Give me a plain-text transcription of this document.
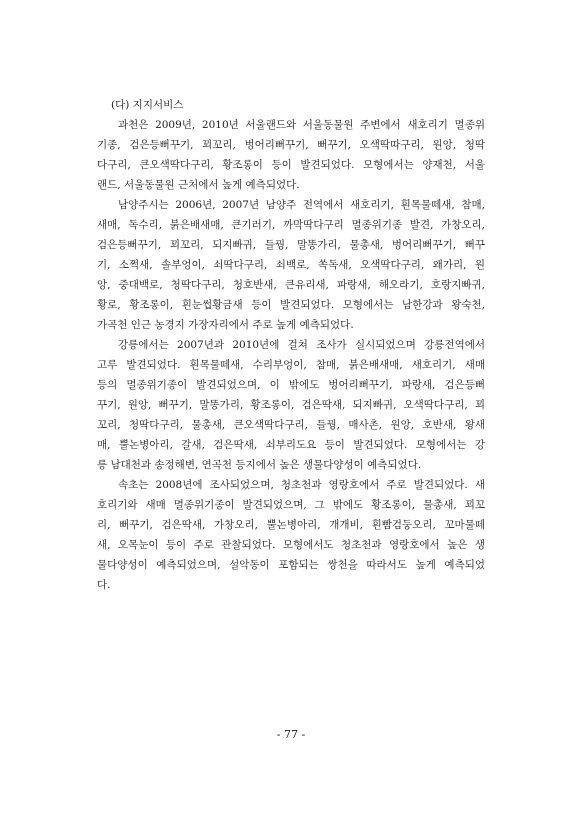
(다) 지지서비스
과천은 2009년, 2010년 서울랜드와 서울동물원 주변에서 새호리기 멸종위
기종, 검은등뻐꾸기, 꾀꼬리, 벙어리뻐꾸기, 뻐꾸기, 오색딱따구리, 원앙, 청딱
다구리, 큰오색딱다구리, 황조롱이 등이 발견되었다. 모형에서는 양재천, 서울
랜드, 서울동물원 근처에서 높게 예측되었다.
남양주시는 2006년, 2007년 남양주 전역에서 새호리기, 흰목물떼새, 참매,
새매, 독수리, 붉은배새매, 큰기러기, 까막딱다구리 멸종위기종 발견, 가창오리,
검은등뻐꾸기, 꾀꼬리, 되지빠귀, 들꿩, 말똥가리, 물총새, 벙어리뻐꾸기, 뻐꾸
기, 소쩍새, 솔부엉이, 쇠딱다구리, 쇠백로, 쏙독새, 오색딱다구리, 왜가리, 원
앙, 중대백로, 청딱다구리, 청호반새, 큰유리새, 파랑새, 해오라기, 호랑지빠귀,
황로, 황조롱이, 흰눈썹황금새 등이 발견되었다. 모형에서는 남한강과 왕숙천,
가곡천 인근 농경지 가장자리에서 주로 높게 예측되었다.
강릉에서는 2007년과 2010년에 걸쳐 조사가 실시되었으며 강릉전역에서
고루 발견되었다. 흰목물떼새, 수리부엉이, 참매, 붉은배새매, 새호리기, 새매
등의 멸종위기종이 발견되었으며, 이 밖에도 벙어리뻐꾸기, 파랑새, 검은등뻐
꾸기, 원앙, 뻐꾸기, 말똥가리, 황조롱이, 검은딱새, 되지빠귀, 오색딱다구리, 꾀
꼬리, 청딱다구리, 물총새, 큰오색딱다구리, 들꿩, 매사촌, 원앙, 호반새, 왕새
매, 뿔논병아리, 갈새, 검은딱새, 쇠부리도요 등이 발견되었다. 모형에서는 강
릉 남대천과 송정해변, 연곡천 등지에서 높은 생물다양성이 예측되었다.
속초는 2008년에 조사되었으며, 청초천과 영랑호에서 주로 발견되었다. 새
호리기와 새매 멸종위기종이 발견되었으며, 그 밖에도 황조롱이, 물총새, 꾀꼬
리, 뻐꾸기, 검은딱새, 가창오리, 뿔논병아리, 개개비, 흰빰검둥오리, 꼬마물떼
새, 오목눈이 등이 주로 관찰되었다. 모형에서도 청초천과 영랑호에서 높은 생
물다양성이 예측되었으며, 설악동이 포함되는 쌍천을 따라서도 높게 예측되었
다.
- 77 -
